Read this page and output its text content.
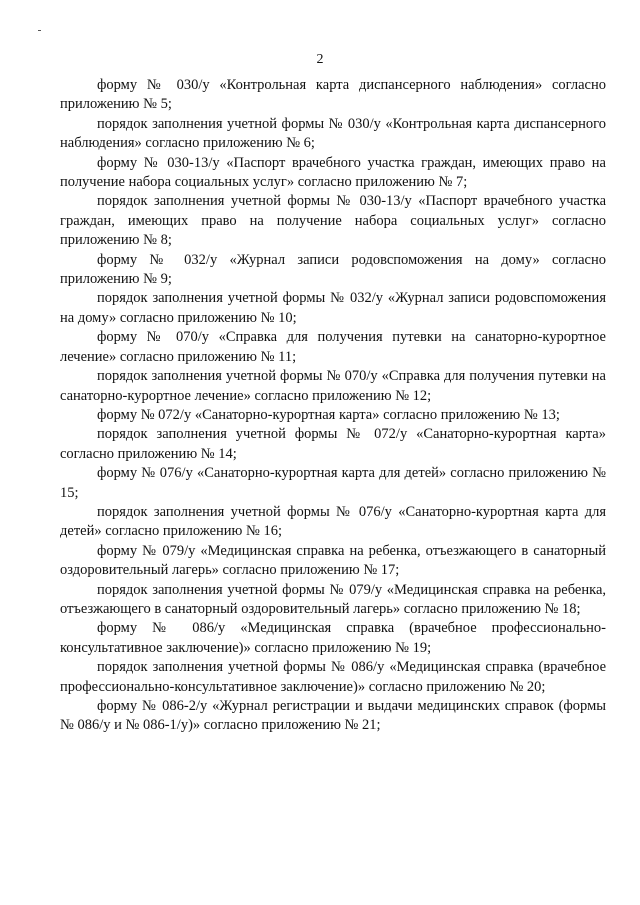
2

форму № 030/у «Контрольная карта диспансерного наблюдения» согласно приложению № 5;

порядок заполнения учетной формы № 030/у «Контрольная карта диспансерного наблюдения» согласно приложению № 6;

форму № 030-13/у «Паспорт врачебного участка граждан, имеющих право на получение набора социальных услуг» согласно приложению № 7;

порядок заполнения учетной формы № 030-13/у «Паспорт врачебного участка граждан, имеющих право на получение набора социальных услуг» согласно приложению № 8;

форму № 032/у «Журнал записи родовспоможения на дому» согласно приложению № 9;

порядок заполнения учетной формы № 032/у «Журнал записи родовспоможения на дому» согласно приложению № 10;

форму № 070/у «Справка для получения путевки на санаторно-курортное лечение» согласно приложению № 11;

порядок заполнения учетной формы № 070/у «Справка для получения путевки на санаторно-курортное лечение» согласно приложению № 12;

форму № 072/у «Санаторно-курортная карта» согласно приложению № 13;

порядок заполнения учетной формы № 072/у «Санаторно-курортная карта» согласно приложению № 14;

форму № 076/у «Санаторно-курортная карта для детей» согласно приложению № 15;

порядок заполнения учетной формы № 076/у «Санаторно-курортная карта для детей» согласно приложению № 16;

форму № 079/у «Медицинская справка на ребенка, отъезжающего в санаторный оздоровительный лагерь» согласно приложению № 17;

порядок заполнения учетной формы № 079/у «Медицинская справка на ребенка, отъезжающего в санаторный оздоровительный лагерь» согласно приложению № 18;

форму № 086/у «Медицинская справка (врачебное профессионально-консультативное заключение)» согласно приложению № 19;

порядок заполнения учетной формы № 086/у «Медицинская справка (врачебное профессионально-консультативное заключение)» согласно приложению № 20;

форму № 086-2/у «Журнал регистрации и выдачи медицинских справок (формы № 086/у и № 086-1/у)» согласно приложению № 21;
